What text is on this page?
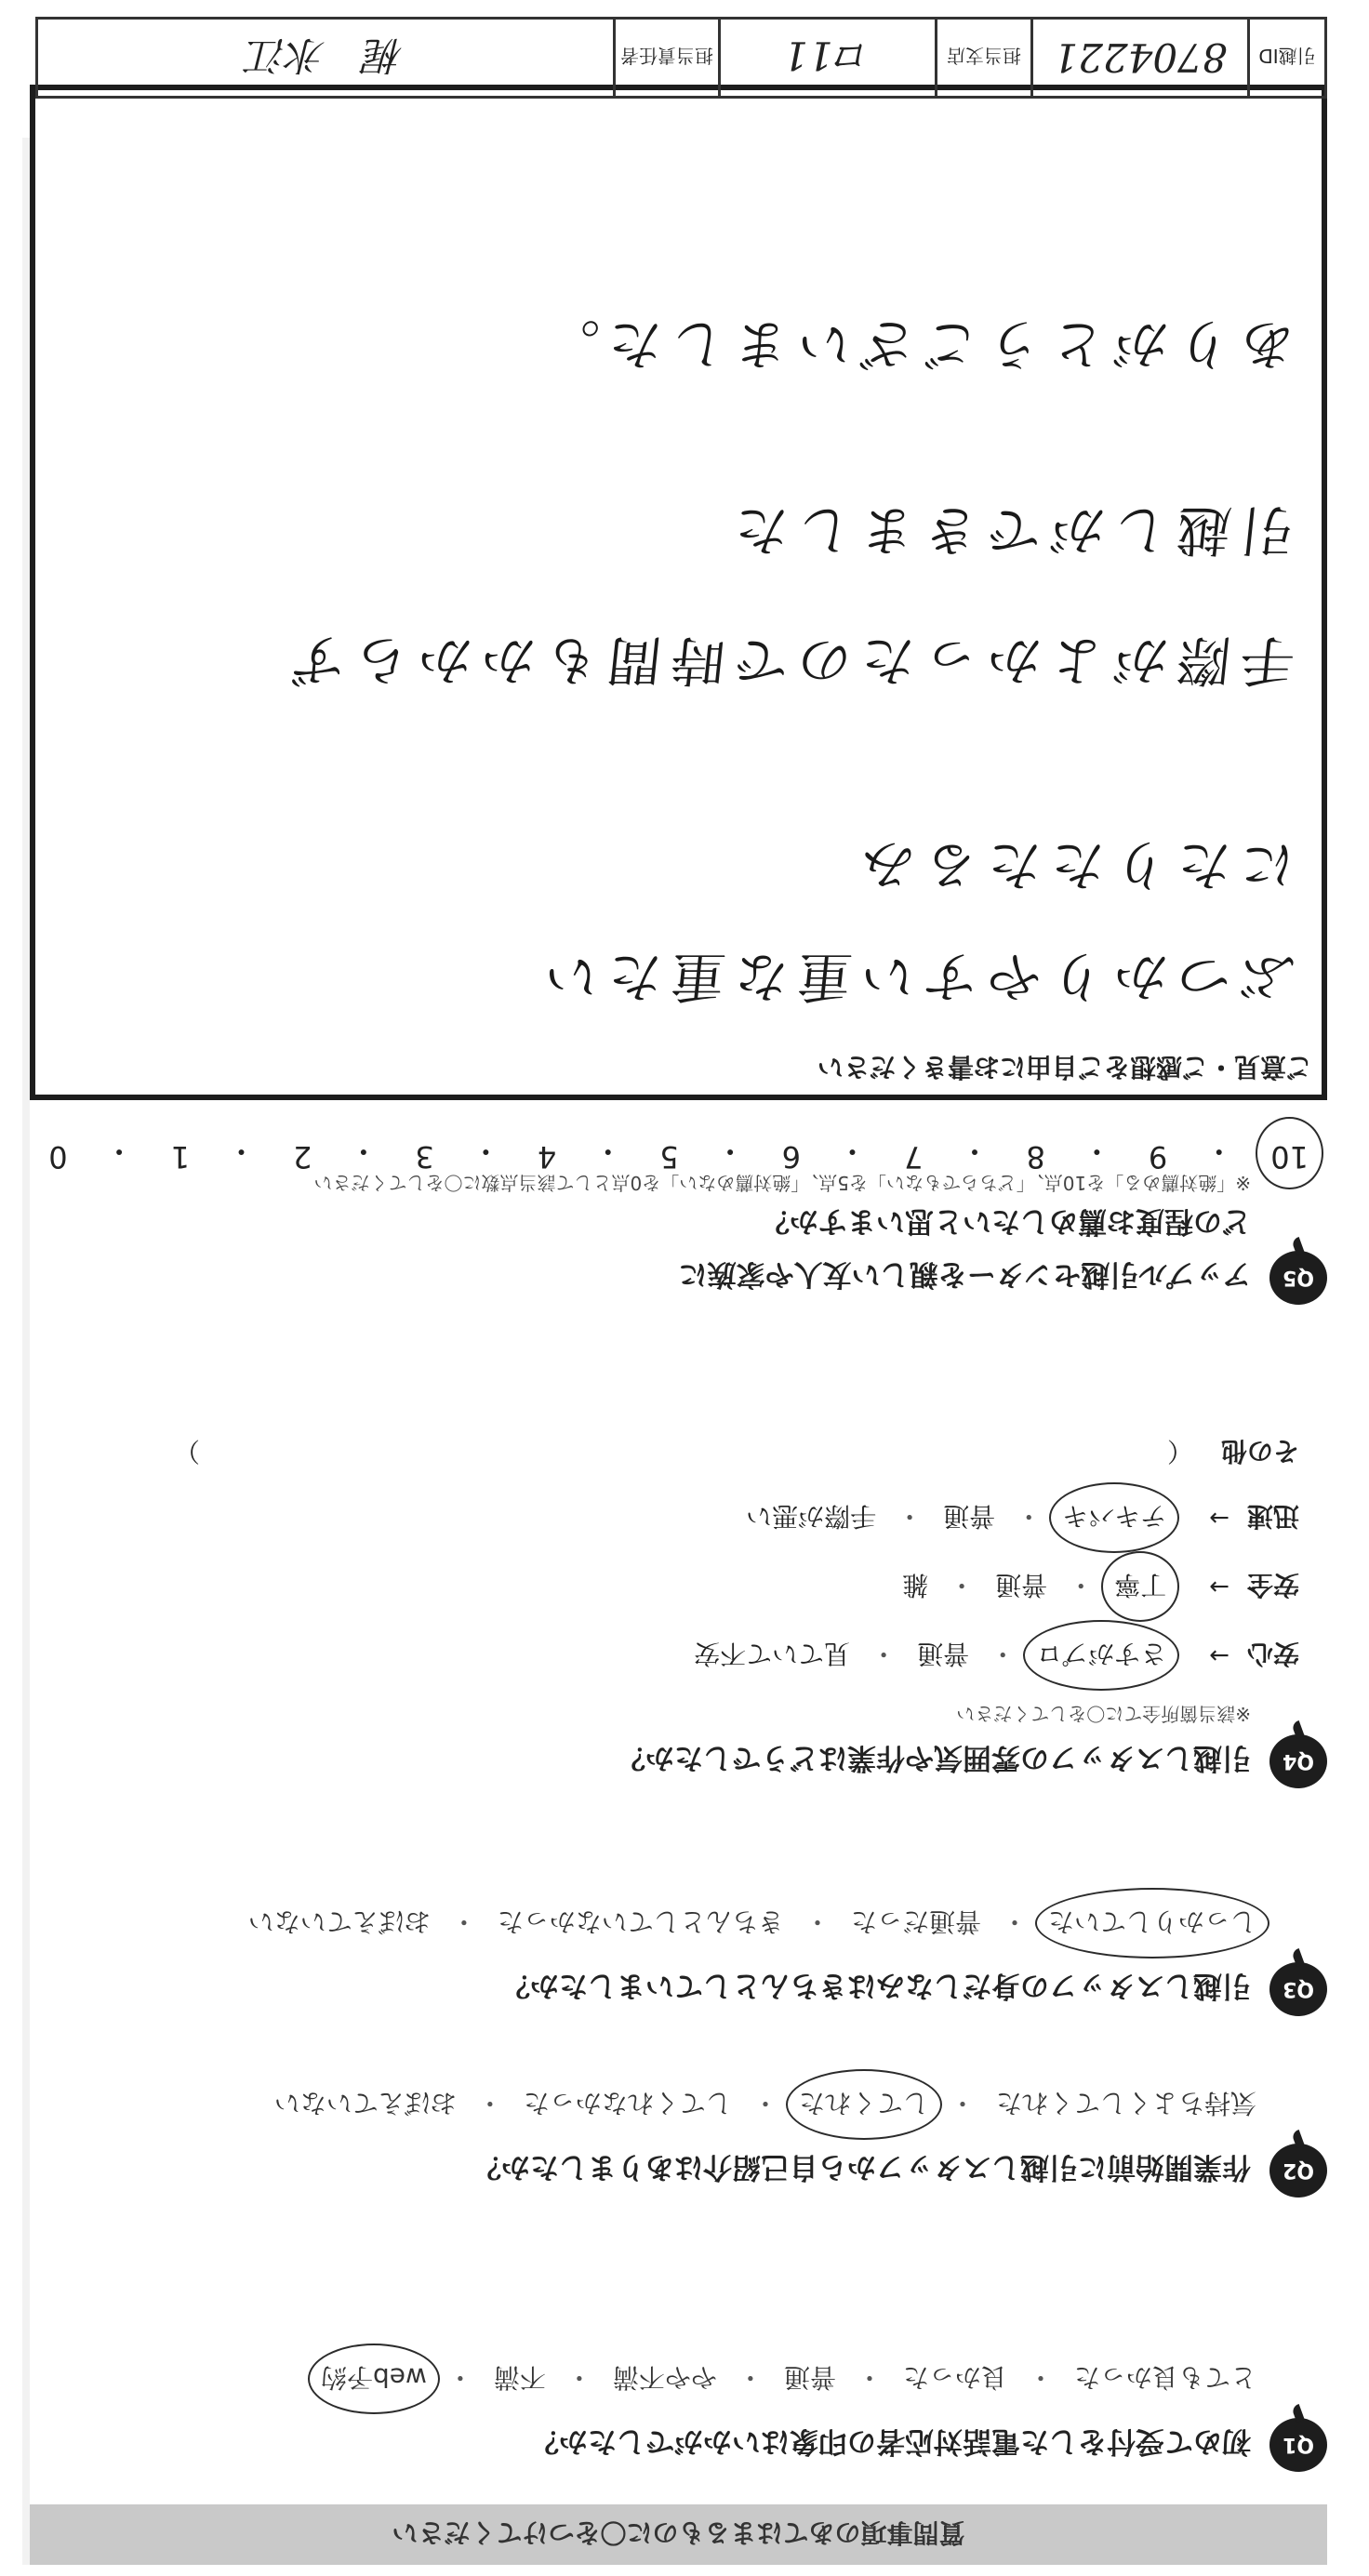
質問事項のあてはまるものに〇をつけてください
Q1
初めて受付をした電話対応者の印象はいかがでしたか？
とても良かった
・
良かった
・
普通
・
やや不満
・
不満
・
web予約
Q2
作業開始前に引越しスタッフから自己紹介はありましたか？
気持ちよくしてくれた
・
してくれた
・
してくれなかった
・
おぼえていない
Q3
引越しスタッフの身だしなみはきちんとしていましたか？
しっかりしていた
・
普通だった
・
きちんとしていなかった
・
おぼえていない
Q4
引越しスタッフの雰囲気や作業はどうでしたか？
※該当箇所全てに〇をしてください
安心
→
さすがプロ
・
普通
・
見ていて不安
安全
→
丁寧
・
普通
・
雑
迅速
→
テキパキ
・
普通
・
手際が悪い
その他
（
）
Q5
アップル引越センターを親しい友人や家族に
どの程度お薦めしたいと思いますか？
※「絶対薦める」を10点、「どちらでもない」を5点、「絶対薦めない」を0点として該当点数に〇をしてください
10
・
9
・
8
・
7
・
6
・
5
・
4
・
3
・
2
・
1
・
0
ご意見・ご感想をご自由にお書きください
ぶつかりやすい重な重たい
にたりたたるみ
手際がよかったので時間もかからず
引越しができました
ありがとうございました。
引越ID
8704221
担当支店
ロ11
担当責任者
梶　氷江
